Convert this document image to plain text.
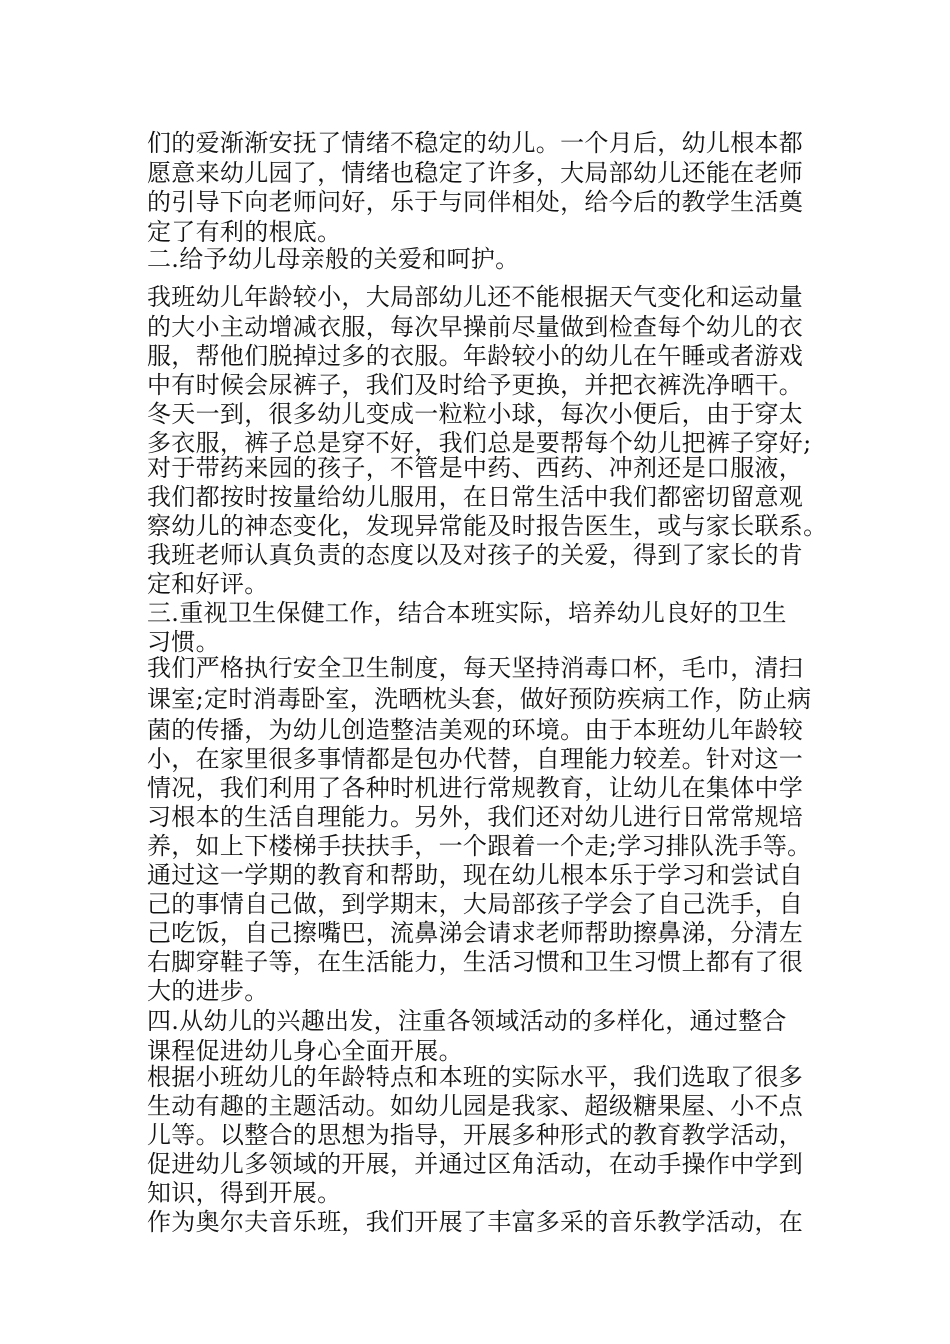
们的爱渐渐安抚了情绪不稳定的幼儿。一个月后，幼儿根本都
愿意来幼儿园了，情绪也稳定了许多，大局部幼儿还能在老师
的引导下向老师问好，乐于与同伴相处，给今后的教学生活奠
定了有利的根底。
二.给予幼儿母亲般的关爱和呵护。
我班幼儿年龄较小，大局部幼儿还不能根据天气变化和运动量
的大小主动增减衣服，每次早操前尽量做到检查每个幼儿的衣
服，帮他们脱掉过多的衣服。年龄较小的幼儿在午睡或者游戏
中有时候会尿裤子，我们及时给予更换，并把衣裤洗净晒干。
冬天一到，很多幼儿变成一粒粒小球，每次小便后，由于穿太
多衣服，裤子总是穿不好，我们总是要帮每个幼儿把裤子穿好;
对于带药来园的孩子，不管是中药、西药、冲剂还是口服液，
我们都按时按量给幼儿服用，在日常生活中我们都密切留意观
察幼儿的神态变化，发现异常能及时报告医生，或与家长联系。
我班老师认真负责的态度以及对孩子的关爱，得到了家长的肯
定和好评。
三.重视卫生保健工作，结合本班实际，培养幼儿良好的卫生
习惯。
我们严格执行安全卫生制度，每天坚持消毒口杯，毛巾，清扫
课室;定时消毒卧室，洗晒枕头套，做好预防疾病工作，防止病
菌的传播，为幼儿创造整洁美观的环境。由于本班幼儿年龄较
小，在家里很多事情都是包办代替，自理能力较差。针对这一
情况，我们利用了各种时机进行常规教育，让幼儿在集体中学
习根本的生活自理能力。另外，我们还对幼儿进行日常常规培
养，如上下楼梯手扶扶手，一个跟着一个走;学习排队洗手等。
通过这一学期的教育和帮助，现在幼儿根本乐于学习和尝试自
己的事情自己做，到学期末，大局部孩子学会了自己洗手，自
己吃饭，自己擦嘴巴，流鼻涕会请求老师帮助擦鼻涕，分清左
右脚穿鞋子等，在生活能力，生活习惯和卫生习惯上都有了很
大的进步。
四.从幼儿的兴趣出发，注重各领域活动的多样化，通过整合
课程促进幼儿身心全面开展。
根据小班幼儿的年龄特点和本班的实际水平，我们选取了很多
生动有趣的主题活动。如幼儿园是我家、超级糖果屋、小不点
儿等。以整合的思想为指导，开展多种形式的教育教学活动，
促进幼儿多领域的开展，并通过区角活动，在动手操作中学到
知识，得到开展。
作为奥尔夫音乐班，我们开展了丰富多采的音乐教学活动，在
